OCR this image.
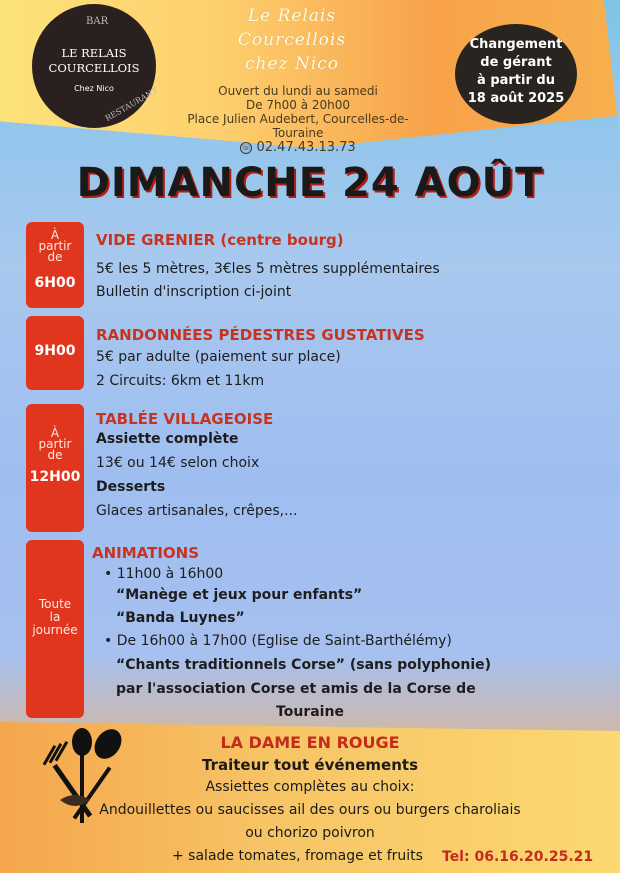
BAR
LE RELAIS
COURCELLOIS
Chez Nico
RESTAURANT
Le Relais Courcellois
chez Nico
Ouvert du lundi au samedi
De 7h00 à 20h00
Place Julien Audebert, Courcelles-de-Touraine
☏ 02.47.43.13.73
Changement
de gérant
à partir du
18 août 2025
DIMANCHE 24 AOÛT
À
partir
de
6H00
VIDE GRENIER (centre bourg)
5€ les 5 mètres, 3€les 5 mètres supplémentaires
Bulletin d'inscription ci-joint
9H00
RANDONNÉES PÉDESTRES GUSTATIVES
5€ par adulte (paiement sur place)
2 Circuits: 6km et 11km
À
partir
de
12H00
TABLÉE VILLAGEOISE
Assiette complète
13€ ou 14€ selon choix
Desserts
Glaces artisanales, crêpes,...
Toute
la
journée
ANIMATIONS
• 11h00 à 16h00
“Manège et jeux pour enfants”
“Banda Luynes”
• De 16h00 à 17h00 (Eglise de Saint-Barthélémy)
“Chants traditionnels Corse” (sans polyphonie)
par l'association Corse et amis de la Corse de
Touraine
LA DAME EN ROUGE
Traiteur tout événements
Assiettes complètes au choix:
Andouillettes ou saucisses ail des ours ou burgers charoliais
ou chorizo poivron
+ salade tomates, fromage et fruits Tel: 06.16.20.25.21
